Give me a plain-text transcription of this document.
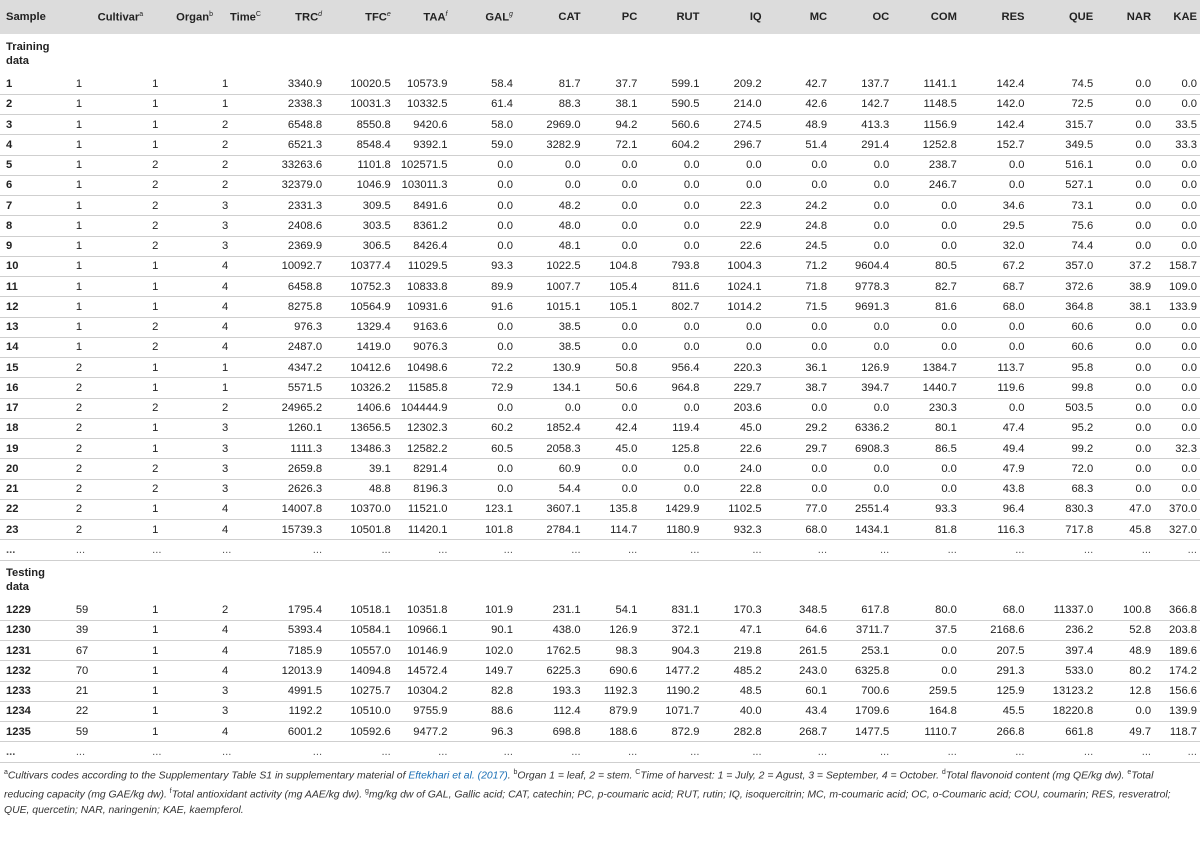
Sample	Cultivar$^a$	Organ$^b$	Time$^C$	TRC$^d$	TFC$^e$	TAA$^f$	GAL$^g$	CAT	PC	RUT	IQ	MC	OC	COM	RES	QUE	NAR	KAE
Training data																		
1	1	1	1	3340.9	10020.5	10573.9	58.4	81.7	37.7	599.1	209.2	42.7	137.7	1141.1	142.4	74.5	0.0	0.0
2	1	1	1	2338.3	10031.3	10332.5	61.4	88.3	38.1	590.5	214.0	42.6	142.7	1148.5	142.0	72.5	0.0	0.0
3	1	1	2	6548.8	8550.8	9420.6	58.0	2969.0	94.2	560.6	274.5	48.9	413.3	1156.9	142.4	315.7	0.0	33.5
4	1	1	2	6521.3	8548.4	9392.1	59.0	3282.9	72.1	604.2	296.7	51.4	291.4	1252.8	152.7	349.5	0.0	33.3
5	1	2	2	33263.6	1101.8	102571.5	0.0	0.0	0.0	0.0	0.0	0.0	0.0	238.7	0.0	516.1	0.0	0.0
6	1	2	2	32379.0	1046.9	103011.3	0.0	0.0	0.0	0.0	0.0	0.0	0.0	246.7	0.0	527.1	0.0	0.0
7	1	2	3	2331.3	309.5	8491.6	0.0	48.2	0.0	0.0	22.3	24.2	0.0	0.0	34.6	73.1	0.0	0.0
8	1	2	3	2408.6	303.5	8361.2	0.0	48.0	0.0	0.0	22.9	24.8	0.0	0.0	29.5	75.6	0.0	0.0
9	1	2	3	2369.9	306.5	8426.4	0.0	48.1	0.0	0.0	22.6	24.5	0.0	0.0	32.0	74.4	0.0	0.0
10	1	1	4	10092.7	10377.4	11029.5	93.3	1022.5	104.8	793.8	1004.3	71.2	9604.4	80.5	67.2	357.0	37.2	158.7
11	1	1	4	6458.8	10752.3	10833.8	89.9	1007.7	105.4	811.6	1024.1	71.8	9778.3	82.7	68.7	372.6	38.9	109.0
12	1	1	4	8275.8	10564.9	10931.6	91.6	1015.1	105.1	802.7	1014.2	71.5	9691.3	81.6	68.0	364.8	38.1	133.9
13	1	2	4	976.3	1329.4	9163.6	0.0	38.5	0.0	0.0	0.0	0.0	0.0	0.0	0.0	60.6	0.0	0.0
14	1	2	4	2487.0	1419.0	9076.3	0.0	38.5	0.0	0.0	0.0	0.0	0.0	0.0	0.0	60.6	0.0	0.0
15	2	1	1	4347.2	10412.6	10498.6	72.2	130.9	50.8	956.4	220.3	36.1	126.9	1384.7	113.7	95.8	0.0	0.0
16	2	1	1	5571.5	10326.2	11585.8	72.9	134.1	50.6	964.8	229.7	38.7	394.7	1440.7	119.6	99.8	0.0	0.0
17	2	2	2	24965.2	1406.6	104444.9	0.0	0.0	0.0	0.0	203.6	0.0	0.0	230.3	0.0	503.5	0.0	0.0
18	2	1	3	1260.1	13656.5	12302.3	60.2	1852.4	42.4	119.4	45.0	29.2	6336.2	80.1	47.4	95.2	0.0	0.0
19	2	1	3	1111.3	13486.3	12582.2	60.5	2058.3	45.0	125.8	22.6	29.7	6908.3	86.5	49.4	99.2	0.0	32.3
20	2	2	3	2659.8	39.1	8291.4	0.0	60.9	0.0	0.0	24.0	0.0	0.0	0.0	47.9	72.0	0.0	0.0
21	2	2	3	2626.3	48.8	8196.3	0.0	54.4	0.0	0.0	22.8	0.0	0.0	0.0	43.8	68.3	0.0	0.0
22	2	1	4	14007.8	10370.0	11521.0	123.1	3607.1	135.8	1429.9	1102.5	77.0	2551.4	93.3	96.4	830.3	47.0	370.0
23	2	1	4	15739.3	10501.8	11420.1	101.8	2784.1	114.7	1180.9	932.3	68.0	1434.1	81.8	116.3	717.8	45.8	327.0
...	...	...	...	...	...	...	...	...	...	...	...	...	...	...	...	...	...	...
Testing data																		
1229	59	1	2	1795.4	10518.1	10351.8	101.9	231.1	54.1	831.1	170.3	348.5	617.8	80.0	68.0	11337.0	100.8	366.8
1230	39	1	4	5393.4	10584.1	10966.1	90.1	438.0	126.9	372.1	47.1	64.6	3711.7	37.5	2168.6	236.2	52.8	203.8
1231	67	1	4	7185.9	10557.0	10146.9	102.0	1762.5	98.3	904.3	219.8	261.5	253.1	0.0	207.5	397.4	48.9	189.6
1232	70	1	4	12013.9	14094.8	14572.4	149.7	6225.3	690.6	1477.2	485.2	243.0	6325.8	0.0	291.3	533.0	80.2	174.2
1233	21	1	3	4991.5	10275.7	10304.2	82.8	193.3	1192.3	1190.2	48.5	60.1	700.6	259.5	125.9	13123.2	12.8	156.6
1234	22	1	3	1192.2	10510.0	9755.9	88.6	112.4	879.9	1071.7	40.0	43.4	1709.6	164.8	45.5	18220.8	0.0	139.9
1235	59	1	4	6001.2	10592.6	9477.2	96.3	698.8	188.6	872.9	282.8	268.7	1477.5	1110.7	266.8	661.8	49.7	118.7
...	...	...	...	...	...	...	...	...	...	...	...	...	...	...	...	...	...	...
$^a$Cultivars codes according to the Supplementary Table S1 in supplementary material of Eftekhari et al. (2017). $^b$Organ 1 = leaf, 2 = stem. $^C$Time of harvest: 1 = July, 2 = Agust, 3 = September, 4 = October. $^d$Total flavonoid content (mg QE/kg dw). $^e$Total reducing capacity (mg GAE/kg dw). $^f$Total antioxidant activity (mg AAE/kg dw). $^g$mg/kg dw of GAL, Gallic acid; CAT, catechin; PC, p-coumaric acid; RUT, rutin; IQ, isoquercitrin; MC, m-coumaric acid; OC, o-Coumaric acid; COU, coumarin; RES, resveratrol; QUE, quercetin; NAR, naringenin; KAE, kaempferol.
